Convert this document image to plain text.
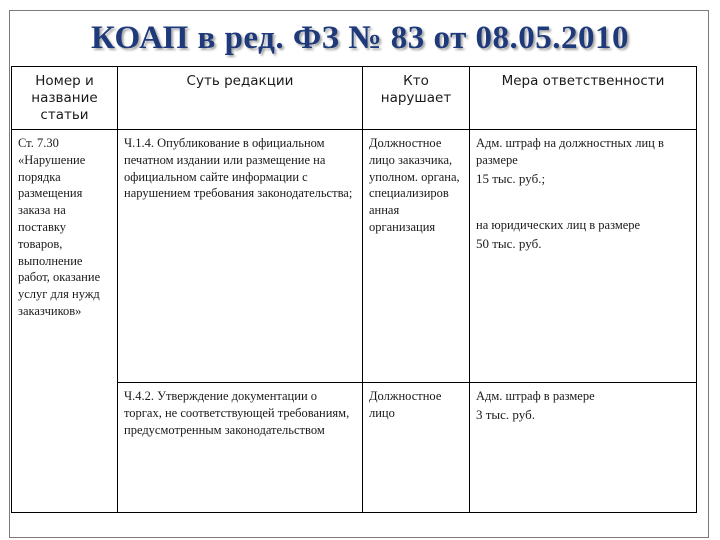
КОАП в ред. ФЗ № 83 от 08.05.2010
Номер и название статьи	Суть редакции	Кто нарушает	Мера ответственности
Ст. 7.30 «Нарушение порядка размещения заказа на поставку товаров, выполнение работ, оказание услуг для нужд заказчиков»	Ч.1.4. Опубликование в официальном печатном издании или размещение на официальном сайте информации с нарушением требования законодательства;	Должностное лицо заказчика, уполном. органа, специализиров анная организация	Адм. штраф на должностных лиц в размере
15 тыс. руб.;
на юридических лиц в размере
50 тыс. руб.

	Ч.4.2. Утверждение документации о торгах, не соответствующей требованиям, предусмотренным законодательством	Должностное лицо	Адм. штраф в размере
3 тыс. руб.
